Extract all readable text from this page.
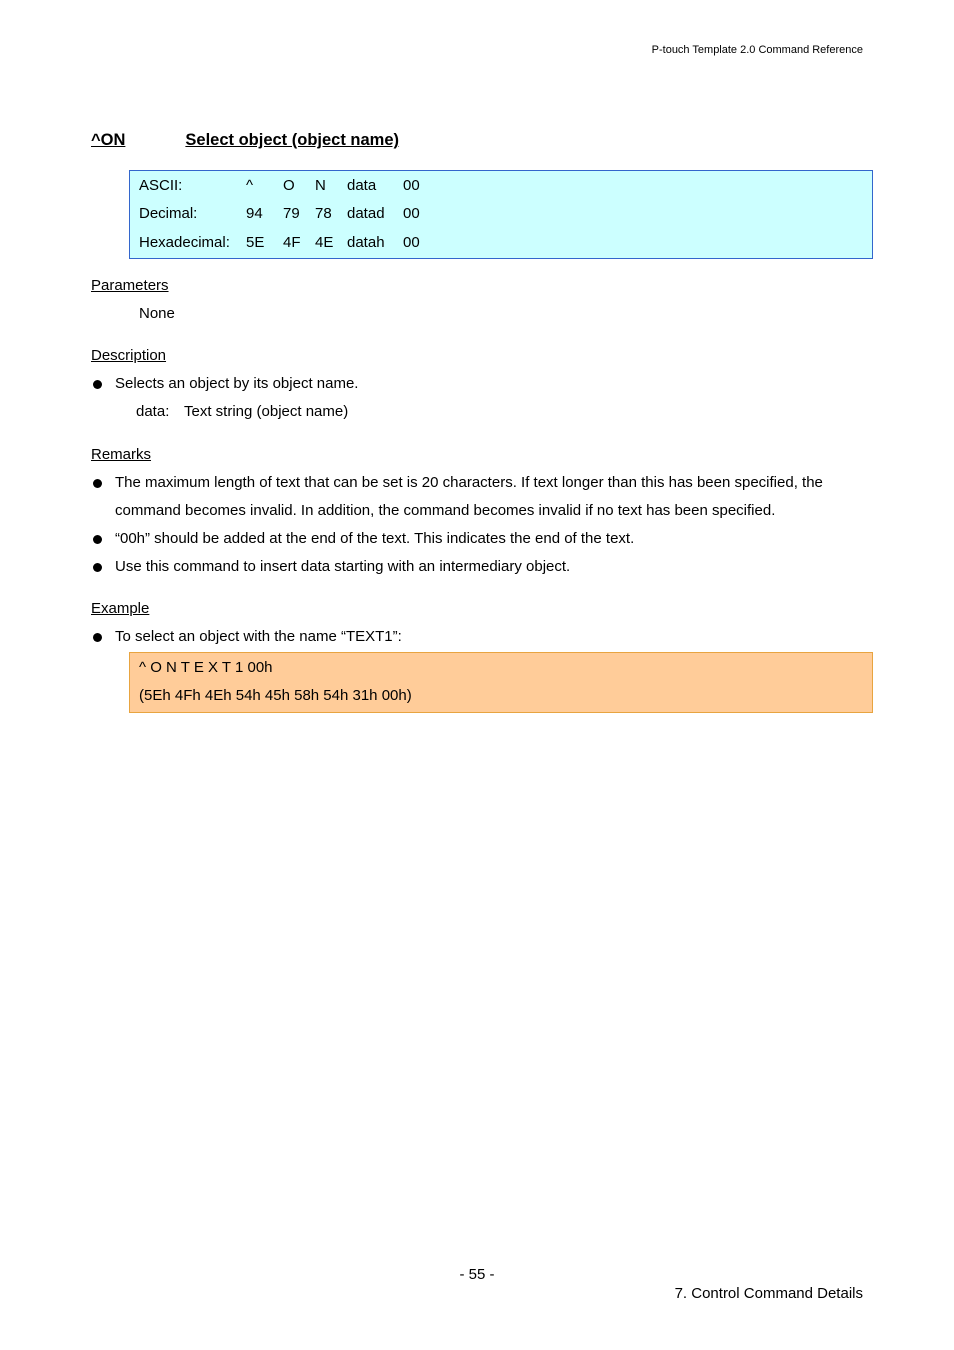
P-touch Template 2.0 Command Reference
^ON	Select object (object name)
ASCII:	^ O N data 00
Decimal:	94 79 78 datad 00
Hexadecimal: 5E 4F 4E datah 00
Parameters
None
Description
Selects an object by its object name.
data: Text string (object name)
Remarks
The maximum length of text that can be set is 20 characters. If text longer than this has been specified, the
command becomes invalid. In addition, the command becomes invalid if no text has been specified.
“00h” should be added at the end of the text. This indicates the end of the text.
Use this command to insert data starting with an intermediary object.
Example
To select an object with the name “TEXT1”:
^ O N T E X T 1 00h
(5Eh 4Fh 4Eh 54h 45h 58h 54h 31h 00h)
- 55 -
7. Control Command Details
